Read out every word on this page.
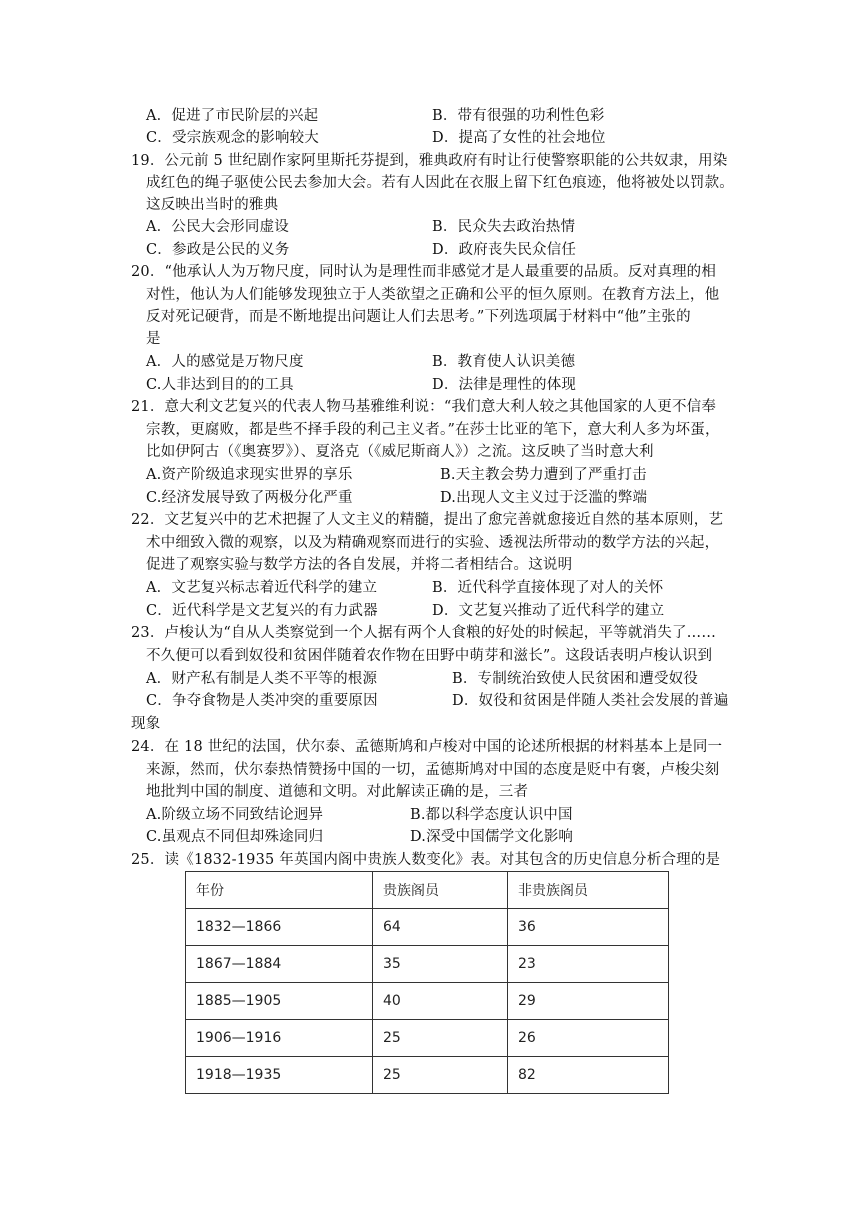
A．促进了市民阶层的兴起	B．带有很强的功利性色彩
C．受宗族观念的影响较大	D．提高了女性的社会地位
19．公元前 5 世纪剧作家阿里斯托芬提到，雅典政府有时让行使警察职能的公共奴隶，用染
成红色的绳子驱使公民去参加大会。若有人因此在衣服上留下红色痕迹，他将被处以罚款。
这反映出当时的雅典
A．公民大会形同虚设	B．民众失去政治热情
C．参政是公民的义务	D．政府丧失民众信任
20．“他承认人为万物尺度，同时认为是理性而非感觉才是人最重要的品质。反对真理的相
对性，他认为人们能够发现独立于人类欲望之正确和公平的恒久原则。在教育方法上，他
反对死记硬背，而是不断地提出问题让人们去思考。”下列选项属于材料中“他”主张的
是
A．人的感觉是万物尺度	B．教育使人认识美德
C.人非达到目的的工具	D．法律是理性的体现
21．意大利文艺复兴的代表人物马基雅维利说：“我们意大利人较之其他国家的人更不信奉
宗教，更腐败，都是些不择手段的利己主义者。”在莎士比亚的笔下，意大利人多为坏蛋，
比如伊阿古（《奥赛罗》）、夏洛克（《威尼斯商人》）之流。这反映了当时意大利
A.资产阶级追求现实世界的享乐	B.天主教会势力遭到了严重打击
C.经济发展导致了两极分化严重	D.出现人文主义过于泛滥的弊端
22．文艺复兴中的艺术把握了人文主义的精髓，提出了愈完善就愈接近自然的基本原则，艺
术中细致入微的观察，以及为精确观察而进行的实验、透视法所带动的数学方法的兴起，
促进了观察实验与数学方法的各自发展，并将二者相结合。这说明
A．文艺复兴标志着近代科学的建立	B．近代科学直接体现了对人的关怀
C．近代科学是文艺复兴的有力武器	D．文艺复兴推动了近代科学的建立
23．卢梭认为“自从人类察觉到一个人据有两个人食粮的好处的时候起，平等就消失了……
不久便可以看到奴役和贫困伴随着农作物在田野中萌芽和滋长”。这段话表明卢梭认识到
A．财产私有制是人类不平等的根源	B．专制统治致使人民贫困和遭受奴役
C．争夺食物是人类冲突的重要原因	D．奴役和贫困是伴随人类社会发展的普遍
现象
24．在 18 世纪的法国，伏尔泰、孟德斯鸠和卢梭对中国的论述所根据的材料基本上是同一
来源，然而，伏尔泰热情赞扬中国的一切，孟德斯鸠对中国的态度是贬中有褒，卢梭尖刻
地批判中国的制度、道德和文明。对此解读正确的是，三者
A.阶级立场不同致结论迥异	B.都以科学态度认识中国
C.虽观点不同但却殊途同归	D.深受中国儒学文化影响
25．读《1832-1935 年英国内阁中贵族人数变化》表。对其包含的历史信息分析合理的是
年份	贵族阁员	非贵族阁员
1832—1866	64	36
1867—1884	35	23
1885—1905	40	29
1906—1916	25	26
1918—1935	25	82
